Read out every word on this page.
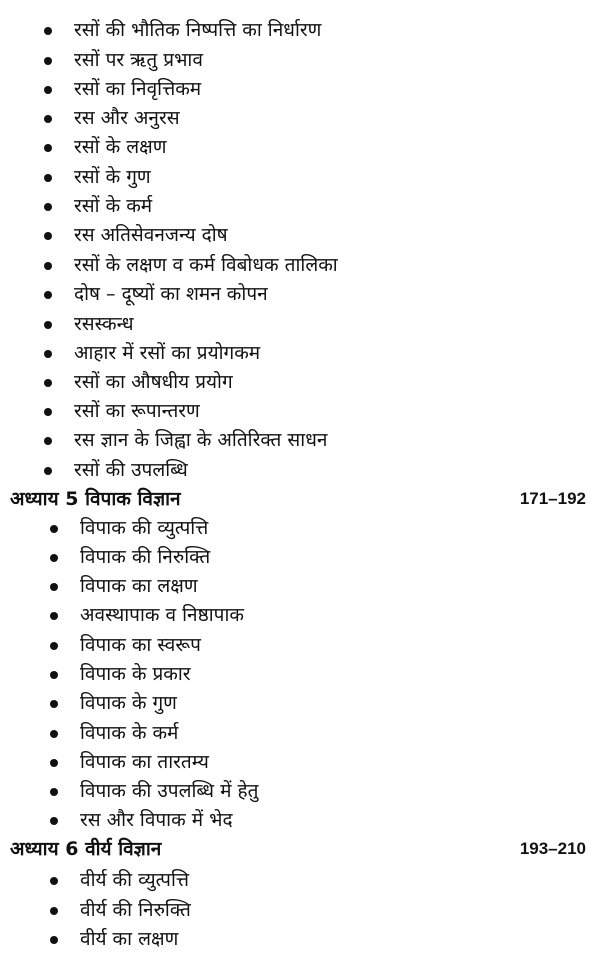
रसों की भौतिक निष्पत्ति का निर्धारण
रसों पर ऋतु प्रभाव
रसों का निवृत्तिकम
रस और अनुरस
रसों के लक्षण
रसों के गुण
रसों के कर्म
रस अतिसेवनजन्य दोष
रसों के लक्षण व कर्म विबोधक तालिका
दोष – दूष्यों का शमन कोपन
रसस्कन्ध
आहार में रसों का प्रयोगकम
रसों का औषधीय प्रयोग
रसों का रूपान्तरण
रस ज्ञान के जिह्वा के अतिरिक्त साधन
रसों की उपलब्धि
अध्याय 5 विपाक विज्ञान	171–192
विपाक की व्युत्पत्ति
विपाक की निरुक्ति
विपाक का लक्षण
अवस्थापाक व निष्ठापाक
विपाक का स्वरूप
विपाक के प्रकार
विपाक के गुण
विपाक के कर्म
विपाक का तारतम्य
विपाक की उपलब्धि में हेतु
रस और विपाक में भेद
अध्याय 6 वीर्य विज्ञान	193–210
वीर्य की व्युत्पत्ति
वीर्य की निरुक्ति
वीर्य का लक्षण
